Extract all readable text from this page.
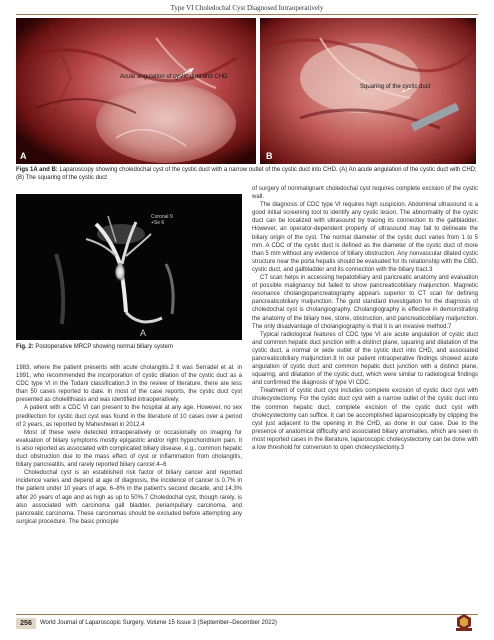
Type VI Choledochal Cyst Diagnosed Intraoperatively
Acute angulation of cystic duct and CHD
A
Squaring of the cystic duct
B
Figs 1A and B: Laparoscopy showing choledochal cyst of the cystic duct with a narrow outlet of the cystic duct into CHD. (A) An acute angulation of the cystic duct with CHD; (B) The squaring of the cystic duct
Coronal 9
+Se 6
A
Fig. 2: Postoperative MRCP showing normal biliary system

1983, where the patient presents with acute cholangitis.2 It was Serradel et al. in 1991, who recommended the incorporation of cystic dilation of the cystic duct as a CDC type VI in the Todani classification.3 In the review of literature, there are less than 50 cases reported to date. In most of the case reports, the cystic duct cyst presented as cholelithiasis and was identified intraoperatively.

A patient with a CDC VI can present to the hospital at any age. However, no sex predilection for cystic duct cyst was found in the literature of 10 cases over a period of 2 years, as reported by Maheshwari in 2012.4

Most of these were detected intraoperatively or occasionally on imaging for evaluation of biliary symptoms mostly epigastric and/or right hypochondrium pain. It is also reported as associated with complicated biliary disease, e.g., common hepatic duct obstruction due to the mass effect of cyst or inflammation from cholangitis, biliary pancreatitis, and rarely reported biliary cancer.4–6

Choledochal cyst is an established risk factor of biliary cancer and reported incidence varies and depend at age of diagnosis, the incidence of cancer is 0.7% in the patient under 10 years of age, 6–8% in the patient’s second decade, and 14.3% after 20 years of age and as high as up to 50%.7 Choledochal cyst, though rarely, is also associated with carcinoma gall bladder, periampullary carcinoma, and pancreatic carcinoma. These carcinomas should be excluded before attempting any surgical procedure. The basic principle

of surgery of nonmalignant choledochal cyst requires complete excision of the cystic wall.

The diagnosis of CDC type VI requires high suspicion. Abdominal ultrasound is a good initial screening tool to identify any cystic lesion. The abnormality of the cystic duct can be localized with ultrasound by tracing its connection to the gallbladder. However, an operator-dependent property of ultrasound may fail to delineate the biliary origin of the cyst. The normal diameter of the cystic duct varies from 1 to 5 mm. A CDC of the cystic duct is defined as the diameter of the cystic duct of more than 5 mm without any evidence of biliary obstruction. Any nonvascular dilated cystic structure near the porta hepatis should be evaluated for its relationship with the CBD, cystic duct, and gallbladder and its connection with the biliary tract.3

CT scan helps in accessing hepatobiliary and pancreatic anatomy and evaluation of possible malignancy but failed to show pancreaticobiliary maljunction. Magnetic resonance cholangiopancreatography appears superior to CT scan for defining pancreaticobiliary maljunction. The gold standard investigation for the diagnosis of choledochal cyst is cholangiography. Cholangiography is effective in demonstrating the anatomy of the biliary tree, stone, obstruction, and pancreaticobiliary maljunction. The only disadvantage of cholangiography is that it is an invasive method.7

Typical radiological features of CDC type VI are acute angulation of cystic duct and common hepatic duct junction with a distinct plane, squaring and dilatation of the cystic duct, a normal or wide outlet of the cystic duct into CHD, and associated pancreaticobiliary maljunction.8 In our patient intraoperative findings showed acute angulation of cystic duct and common hepatic duct junction with a distinct plane, squaring, and dilatation of the cystic duct, which were similar to radiological findings and confirmed the diagnosis of type VI CDC.

Treatment of cystic duct cyst includes complete excision of cystic duct cyst with cholecystectomy. For the cystic duct cyst with a narrow outlet of the cystic duct into the common hepatic duct, complete excision of the cystic duct cyst with cholecystectomy can suffice. It can be accomplished laparoscopically by clipping the cyst just adjacent to the opening in the CHD, as done in our case. Due to the presence of anatomical difficulty and associated biliary anomalies, which are seen in most reported cases in the literature, laparoscopic cholecystectomy can be done with a low threshold for conversion to open cholecystectomy.3

256	World Journal of Laparoscopic Surgery, Volume 15 Issue 3 (September–December 2022)
